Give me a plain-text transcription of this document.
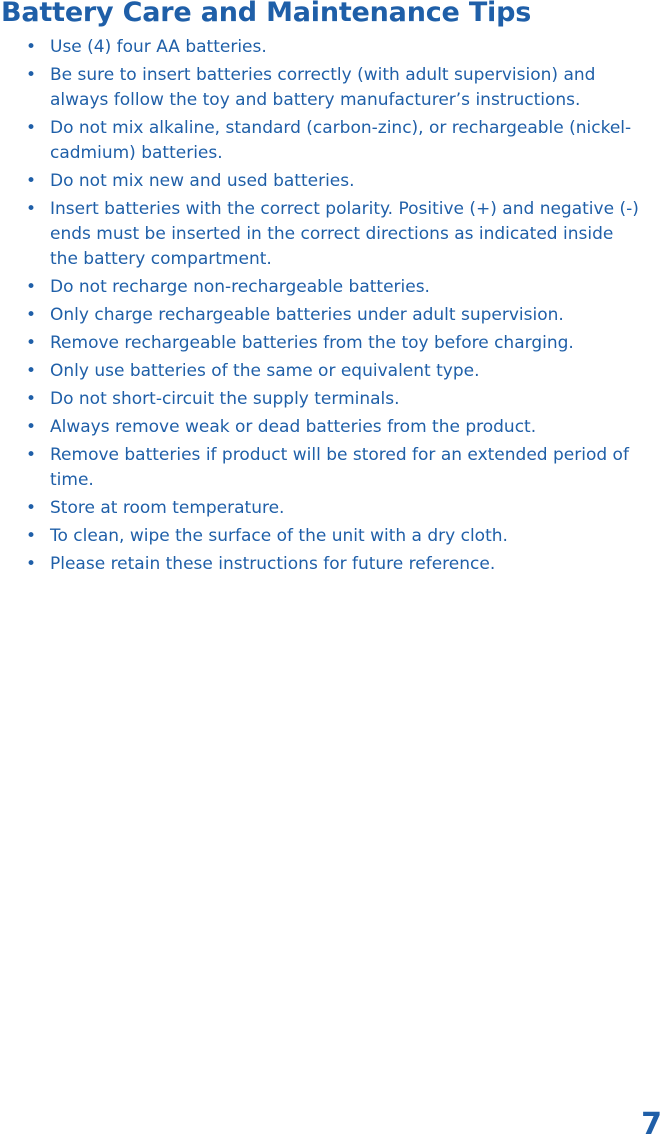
Battery Care and Maintenance Tips
• Use (4) four AA batteries.
• Be sure to insert batteries correctly (with adult supervision) and always follow the toy and battery manufacturer’s instructions.
• Do not mix alkaline, standard (carbon-zinc), or rechargeable (nickel-cadmium) batteries.
• Do not mix new and used batteries.
• Insert batteries with the correct polarity. Positive (+) and negative (-) ends must be inserted in the correct directions as indicated inside the battery compartment.
• Do not recharge non-rechargeable batteries.
• Only charge rechargeable batteries under adult supervision.
• Remove rechargeable batteries from the toy before charging.
• Only use batteries of the same or equivalent type.
• Do not short-circuit the supply terminals.
• Always remove weak or dead batteries from the product.
• Remove batteries if product will be stored for an extended period of time.
• Store at room temperature.
• To clean, wipe the surface of the unit with a dry cloth.
• Please retain these instructions for future reference.
7
